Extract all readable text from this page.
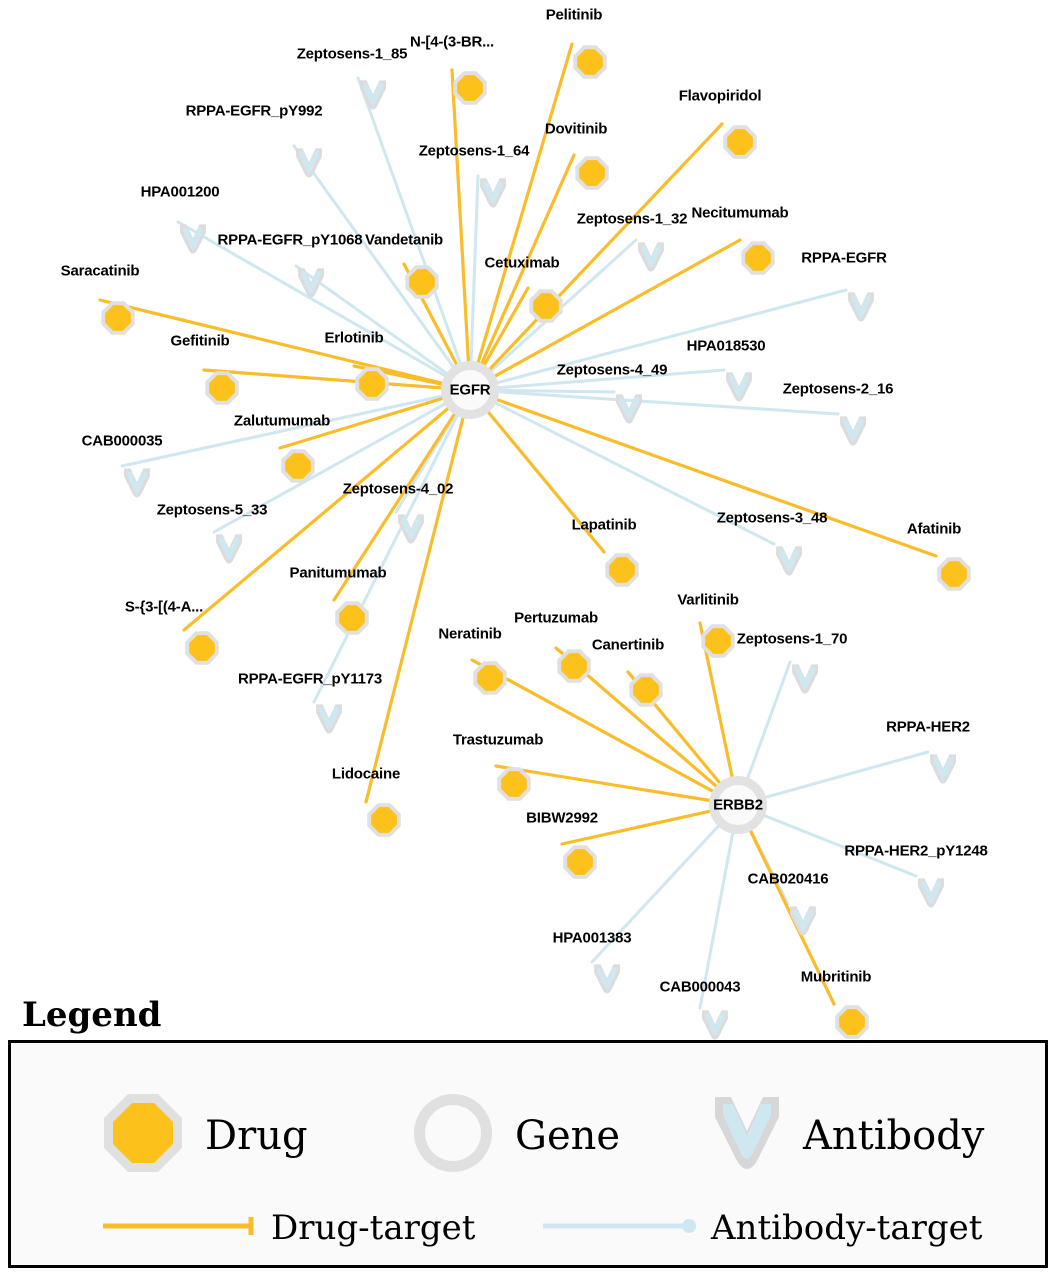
Zeptosens-1_85
RPPA-EGFR_pY992
Zeptosens-1_64
HPA001200
Zeptosens-1_32
RPPA-EGFR_pY1068
RPPA-EGFR
HPA018530
Zeptosens-4_49
Zeptosens-2_16
CAB000035
Zeptosens-4_02
Zeptosens-5_33	Zeptosens-3_48
Zeptosens-1_70
RPPA-EGFR_pY1173
RPPA-HER2
RPPA-HER2_pY1248
CAB020416
HPA001383
CAB000043
Pelitinib
N-[4-(3-BR...
Flavopiridol
Dovitinib
Necitumumab
Vandetanib
Cetuximab
Saracatinib
Gefitinib	Erlotinib
Zalutumumab
Afatinib
Lapatinib
Varlitinib
Panitumumab
S-{3-[(4-A...
Pertuzumab
Neratinib
Canertinib
Trastuzumab
Lidocaine
BIBW2992
Mubritinib
EGFR
ERBB2
Legend
Drug	Gene	Antibody
Drug-target	Antibody-target
